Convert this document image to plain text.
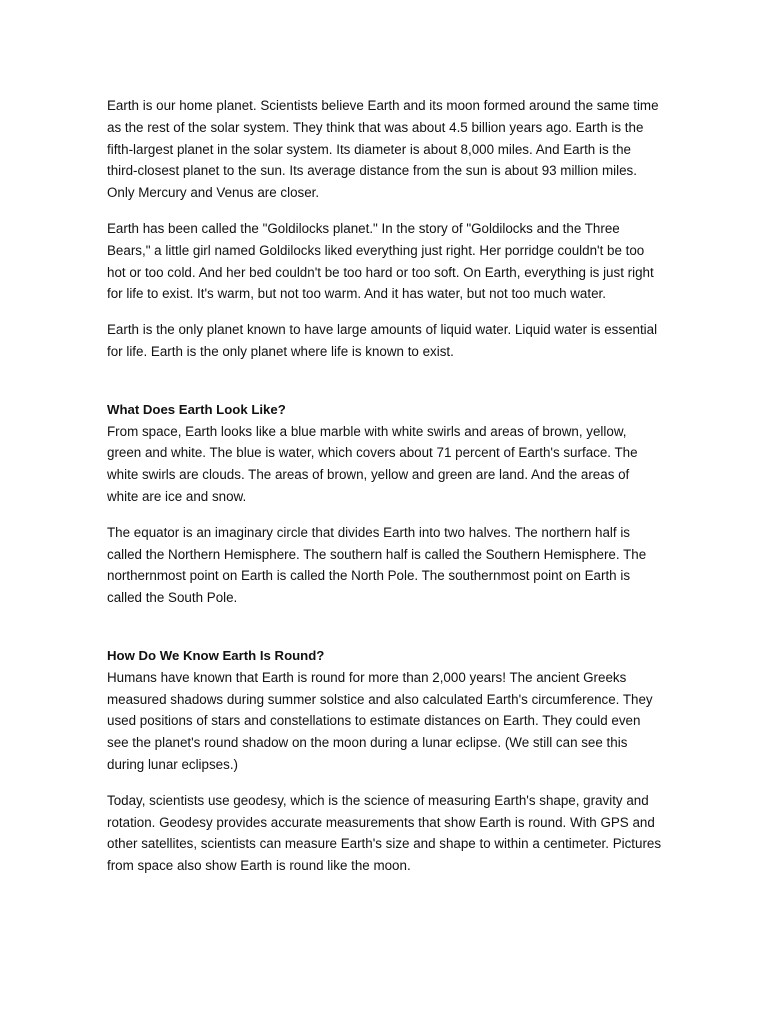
Earth is our home planet. Scientists believe Earth and its moon formed around the same time as the rest of the solar system. They think that was about 4.5 billion years ago. Earth is the fifth-largest planet in the solar system. Its diameter is about 8,000 miles. And Earth is the third-closest planet to the sun. Its average distance from the sun is about 93 million miles. Only Mercury and Venus are closer.

Earth has been called the "Goldilocks planet." In the story of "Goldilocks and the Three Bears," a little girl named Goldilocks liked everything just right. Her porridge couldn't be too hot or too cold. And her bed couldn't be too hard or too soft. On Earth, everything is just right for life to exist. It's warm, but not too warm. And it has water, but not too much water.

Earth is the only planet known to have large amounts of liquid water. Liquid water is essential for life. Earth is the only planet where life is known to exist.

What Does Earth Look Like?

From space, Earth looks like a blue marble with white swirls and areas of brown, yellow, green and white. The blue is water, which covers about 71 percent of Earth's surface. The white swirls are clouds. The areas of brown, yellow and green are land. And the areas of white are ice and snow.

The equator is an imaginary circle that divides Earth into two halves. The northern half is called the Northern Hemisphere. The southern half is called the Southern Hemisphere. The northernmost point on Earth is called the North Pole. The southernmost point on Earth is called the South Pole.

How Do We Know Earth Is Round?

Humans have known that Earth is round for more than 2,000 years! The ancient Greeks measured shadows during summer solstice and also calculated Earth's circumference. They used positions of stars and constellations to estimate distances on Earth. They could even see the planet's round shadow on the moon during a lunar eclipse. (We still can see this during lunar eclipses.)

Today, scientists use geodesy, which is the science of measuring Earth's shape, gravity and rotation. Geodesy provides accurate measurements that show Earth is round. With GPS and other satellites, scientists can measure Earth's size and shape to within a centimeter. Pictures from space also show Earth is round like the moon.
